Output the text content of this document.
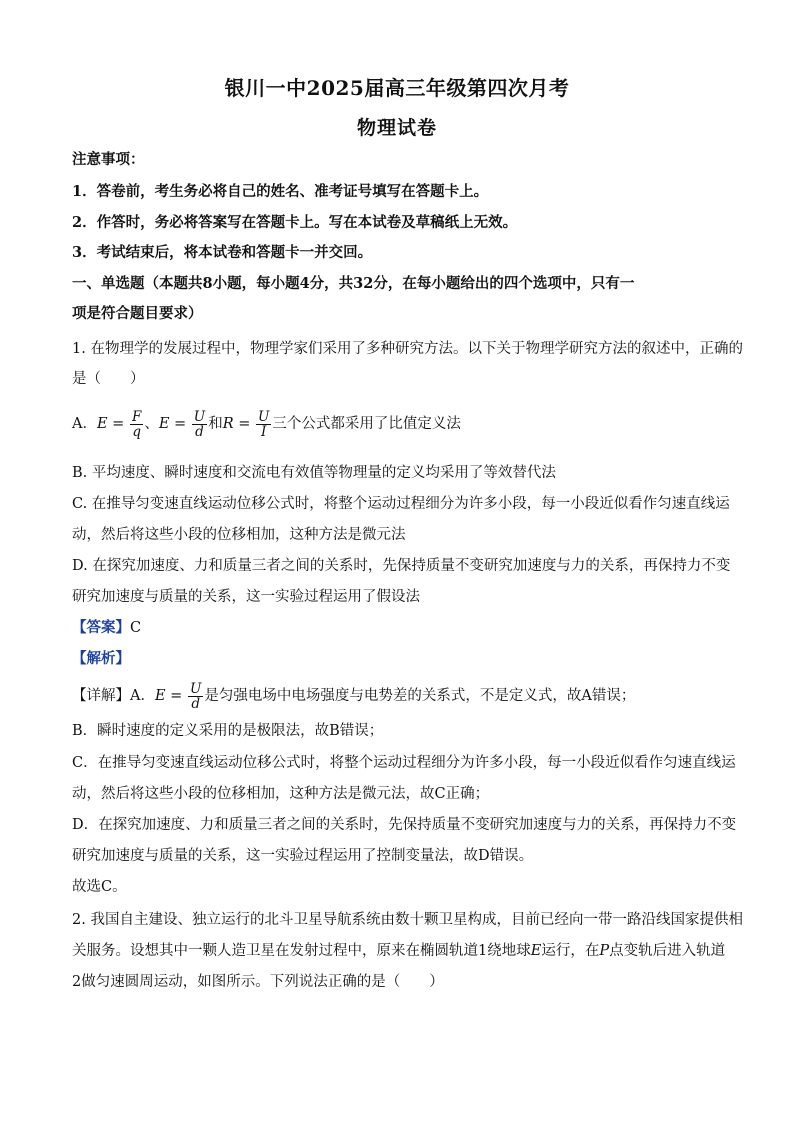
银川一中2025届高三年级第四次月考
物理试卷
注意事项：
1．答卷前，考生务必将自己的姓名、准考证号填写在答题卡上。
2．作答时，务必将答案写在答题卡上。写在本试卷及草稿纸上无效。
3．考试结束后，将本试卷和答题卡一并交回。
一、单选题（本题共8小题，每小题4分，共32分，在每小题给出的四个选项中，只有一
项是符合题目要求）
1. 在物理学的发展过程中，物理学家们采用了多种研究方法。以下关于物理学研究方法的叙述中，正确的
是（　　）
A．$E = \frac{F}{q}$ 、$E = \frac{U}{d}$ 和$R = \frac{U}{I}$ 三个公式都采用了比值定义法
B. 平均速度、瞬时速度和交流电有效值等物理量的定义均采用了等效替代法
C. 在推导匀变速直线运动位移公式时，将整个运动过程细分为许多小段，每一小段近似看作匀速直线运
动，然后将这些小段的位移相加，这种方法是微元法
D. 在探究加速度、力和质量三者之间的关系时，先保持质量不变研究加速度与力的关系，再保持力不变
研究加速度与质量的关系，这一实验过程运用了假设法
【答案】C
【解析】
【详解】A．$E = \frac{U}{d}$ 是匀强电场中电场强度与电势差的关系式，不是定义式，故A错误；
B．瞬时速度的定义采用的是极限法，故B错误；
C．在推导匀变速直线运动位移公式时，将整个运动过程细分为许多小段，每一小段近似看作匀速直线运
动，然后将这些小段的位移相加，这种方法是微元法，故C正确；
D．在探究加速度、力和质量三者之间的关系时，先保持质量不变研究加速度与力的关系，再保持力不变
研究加速度与质量的关系，这一实验过程运用了控制变量法，故D错误。
故选C。
2. 我国自主建设、独立运行的北斗卫星导航系统由数十颗卫星构成，目前已经向一带一路沿线国家提供相
关服务。设想其中一颗人造卫星在发射过程中，原来在椭圆轨道1绕地球E运行，在P点变轨后进入轨道
2做匀速圆周运动，如图所示。下列说法正确的是（　　）
